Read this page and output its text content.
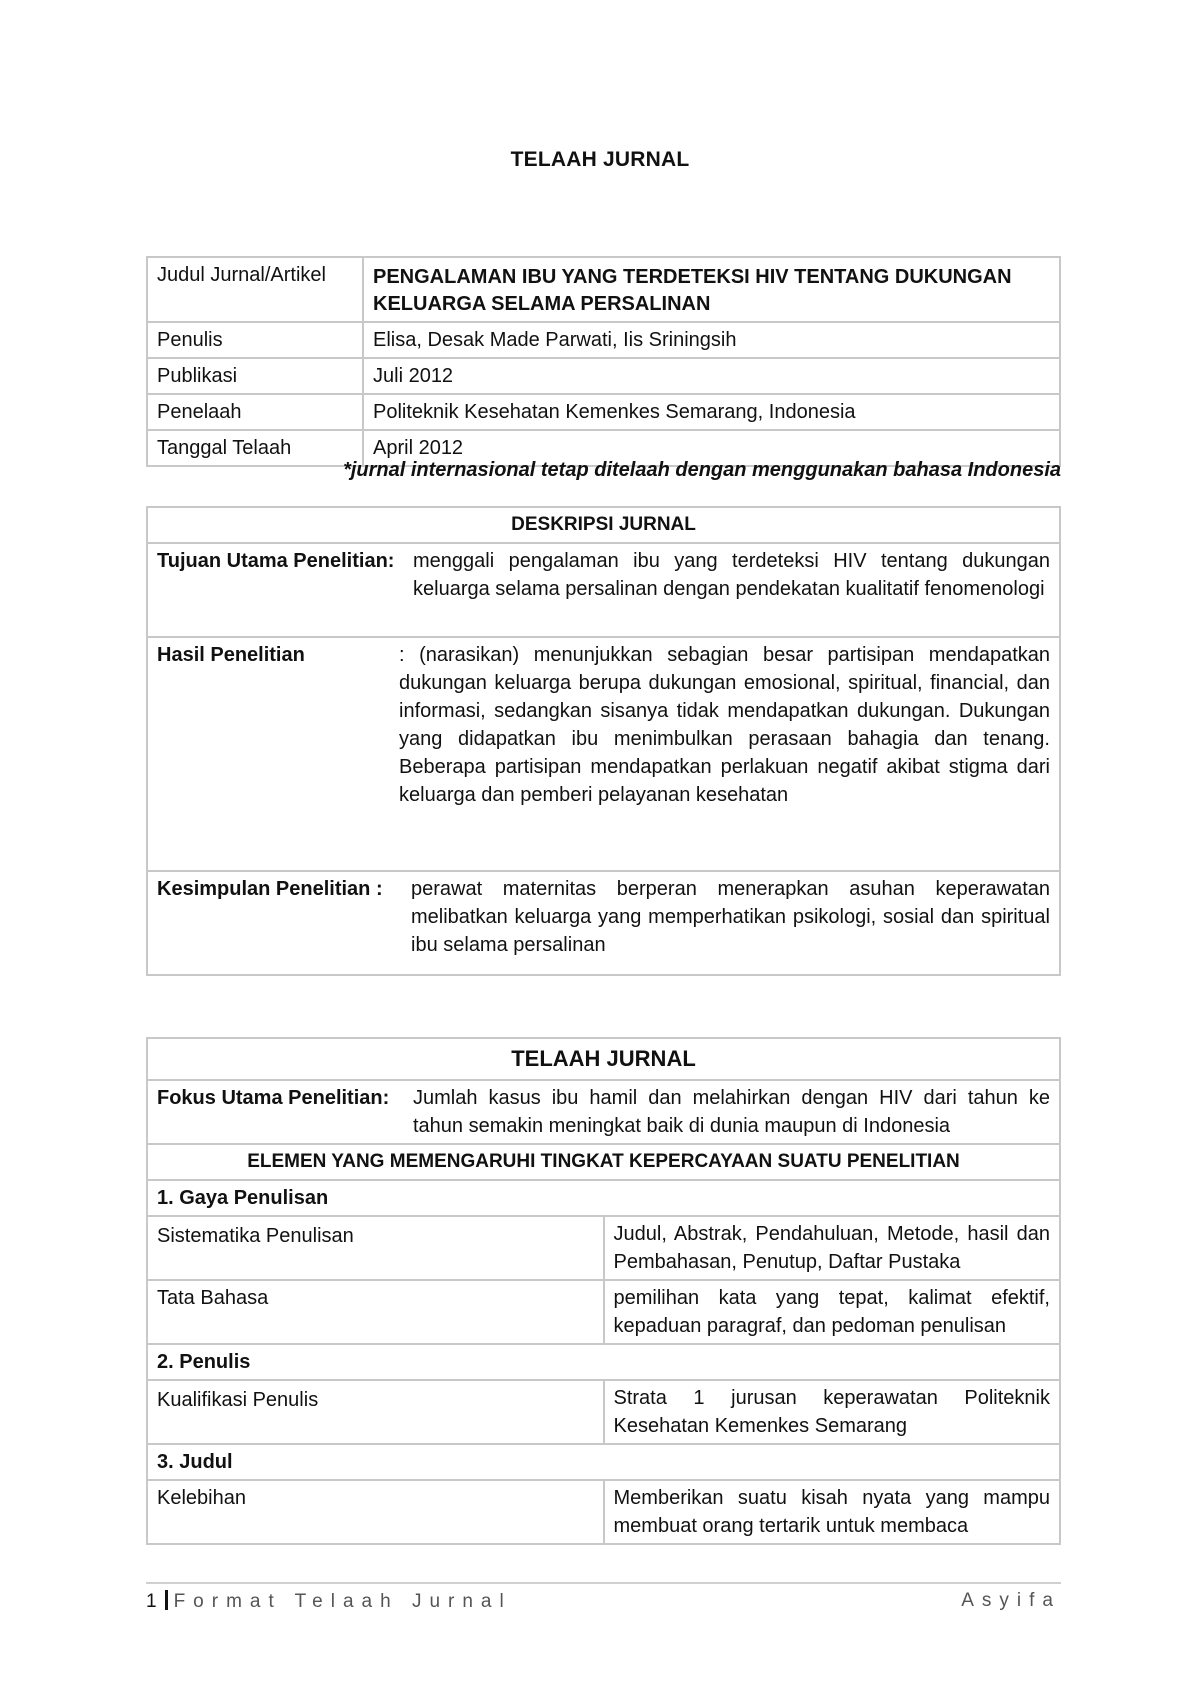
TELAAH JURNAL
Judul Jurnal/Artikel	PENGALAMAN IBU YANG TERDETEKSI HIV TENTANG DUKUNGAN KELUARGA SELAMA PERSALINAN
Penulis	Elisa, Desak Made Parwati, Iis Sriningsih
Publikasi	Juli 2012
Penelaah	Politeknik Kesehatan Kemenkes Semarang, Indonesia
Tanggal Telaah	April 2012
*jurnal internasional tetap ditelaah dengan menggunakan bahasa Indonesia
DESKRIPSI JURNAL

Tujuan Utama Penelitian: menggali pengalaman ibu yang terdeteksi HIV tentang dukungan keluarga selama persalinan dengan pendekatan kualitatif fenomenologi

Hasil Penelitian	: (narasikan) menunjukkan sebagian besar partisipan mendapatkan dukungan keluarga berupa dukungan emosional, spiritual, financial, dan informasi, sedangkan sisanya tidak mendapatkan dukungan. Dukungan yang didapatkan ibu menimbulkan perasaan bahagia dan tenang. Beberapa partisipan mendapatkan perlakuan negatif akibat stigma dari keluarga dan pemberi pelayanan kesehatan

Kesimpulan Penelitian :	perawat maternitas berperan menerapkan asuhan keperawatan melibatkan keluarga yang memperhatikan psikologi, sosial dan spiritual ibu selama persalinan
TELAAH JURNAL	

Fokus Utama Penelitian: Jumlah kasus ibu hamil dan melahirkan dengan HIV dari tahun ke tahun semakin meningkat baik di dunia maupun di Indonesia	

ELEMEN YANG MEMENGARUHI TINGKAT KEPERCAYAAN SUATU PENELITIAN	
1. Gaya Penulisan	
Sistematika Penulisan	Judul, Abstrak, Pendahuluan, Metode, hasil dan Pembahasan, Penutup, Daftar Pustaka
Tata Bahasa	pemilihan kata yang tepat, kalimat efektif, kepaduan paragraf, dan pedoman penulisan
2. Penulis	
Kualifikasi Penulis	Strata 1 jurusan keperawatan Politeknik Kesehatan Kemenkes Semarang
3. Judul	
Kelebihan	Memberikan suatu kisah nyata yang mampu membuat orang tertarik untuk membaca
1 Format Telaah Jurnal	Asyifa
